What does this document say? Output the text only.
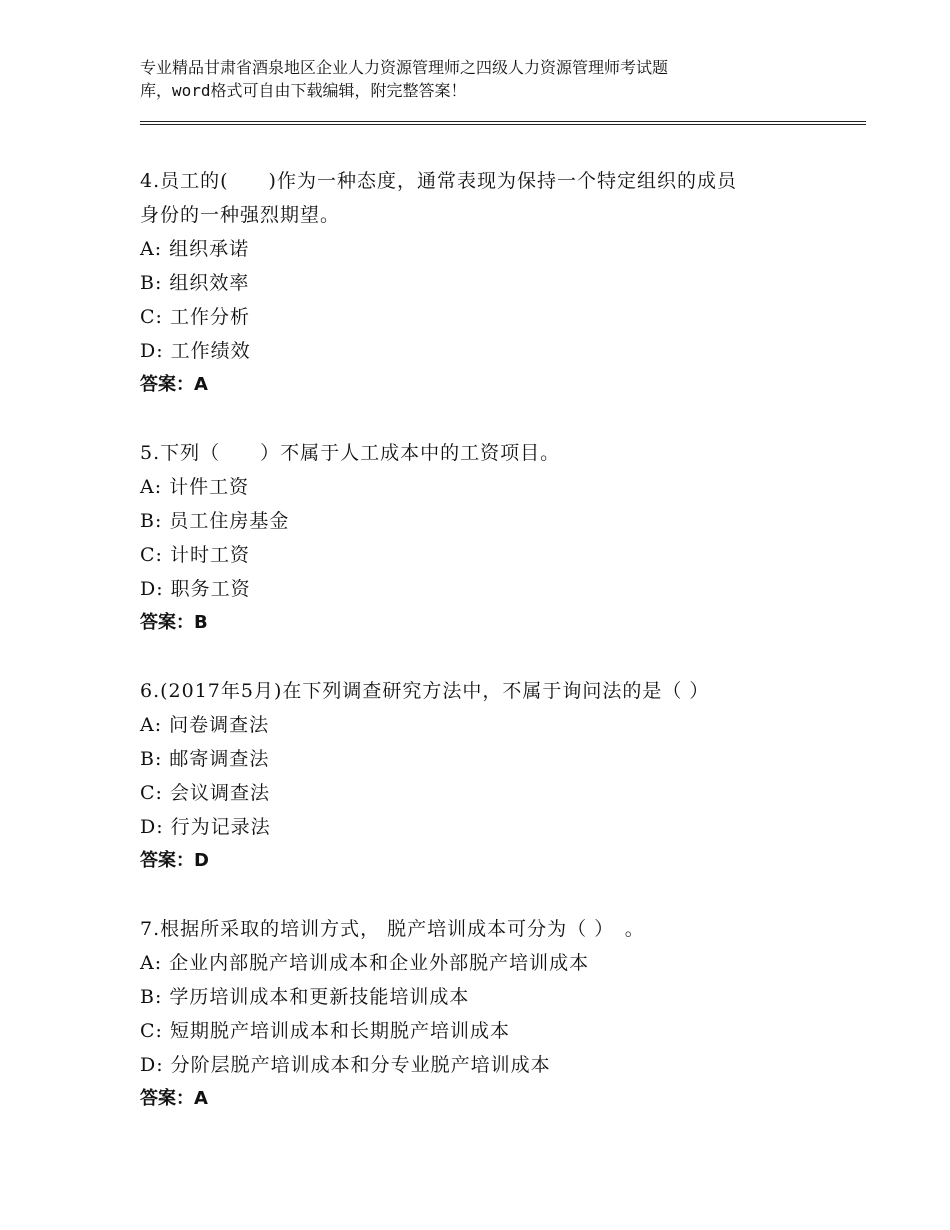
专业精品甘肃省酒泉地区企业人力资源管理师之四级人力资源管理师考试题
库，word格式可自由下载编辑，附完整答案！
4.员工的(　　)作为一种态度，通常表现为保持一个特定组织的成员
身份的一种强烈期望。
A: 组织承诺
B: 组织效率
C: 工作分析
D: 工作绩效
答案：A
5.下列（　　）不属于人工成本中的工资项目。
A: 计件工资
B: 员工住房基金
C: 计时工资
D: 职务工资
答案：B
6.(2017年5月)在下列调查研究方法中，不属于询问法的是（ ）
A: 问卷调查法
B: 邮寄调查法
C: 会议调查法
D: 行为记录法
答案：D
7.根据所采取的培训方式， 脱产培训成本可分为（ ）　。
A: 企业内部脱产培训成本和企业外部脱产培训成本
B: 学历培训成本和更新技能培训成本
C: 短期脱产培训成本和长期脱产培训成本
D: 分阶层脱产培训成本和分专业脱产培训成本
答案：A
